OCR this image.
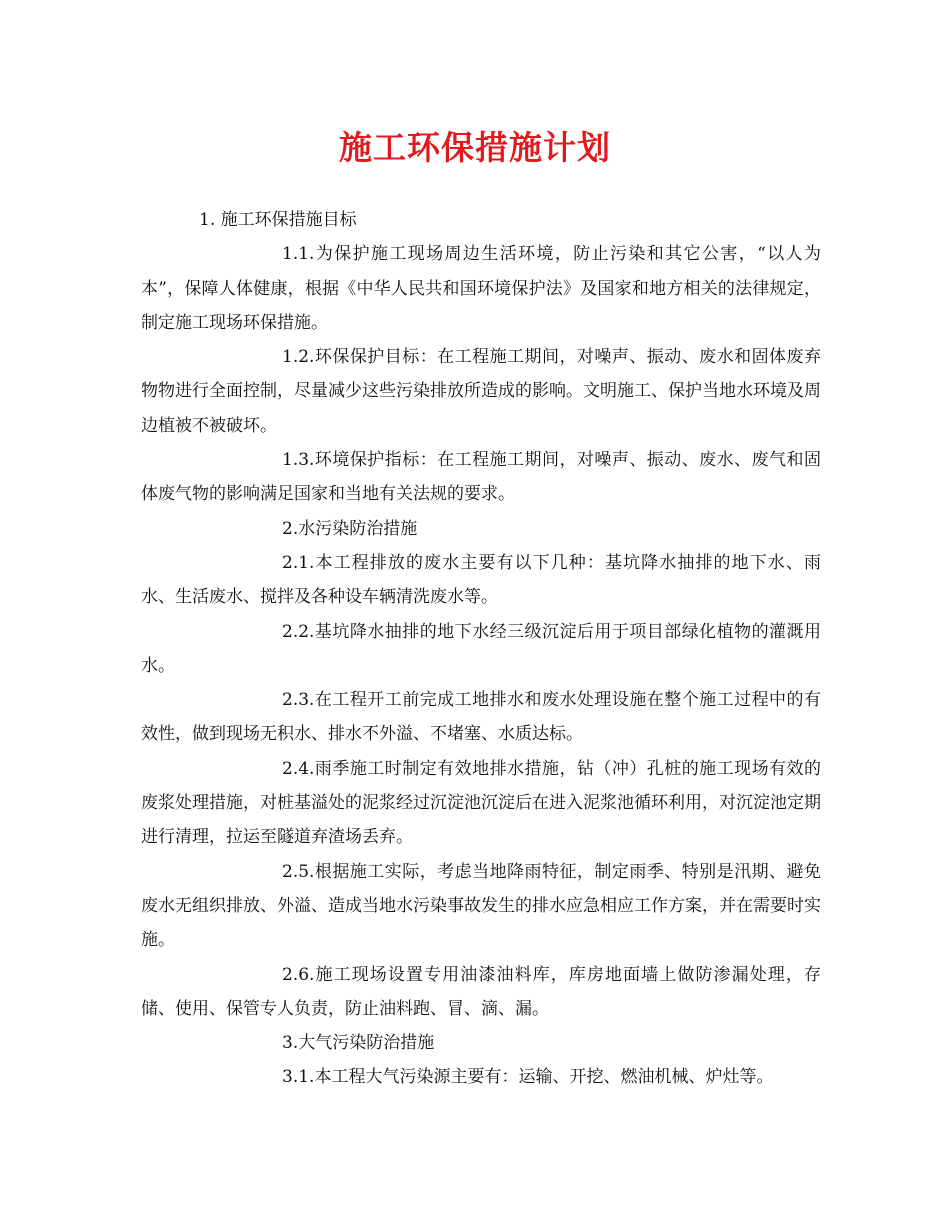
施工环保措施计划

1. 施工环保措施目标

1.1.为保护施工现场周边生活环境，防止污染和其它公害，“以人为本”，保障人体健康，根据《中华人民共和国环境保护法》及国家和地方相关的法律规定，制定施工现场环保措施。

1.2.环保保护目标：在工程施工期间，对噪声、振动、废水和固体废弃物物进行全面控制，尽量减少这些污染排放所造成的影响。文明施工、保护当地水环境及周边植被不被破坏。

1.3.环境保护指标：在工程施工期间，对噪声、振动、废水、废气和固体废气物的影响满足国家和当地有关法规的要求。

2.水污染防治措施

2.1.本工程排放的废水主要有以下几种：基坑降水抽排的地下水、雨水、生活废水、搅拌及各种设车辆清洗废水等。

2.2.基坑降水抽排的地下水经三级沉淀后用于项目部绿化植物的灌溉用水。

2.3.在工程开工前完成工地排水和废水处理设施在整个施工过程中的有效性，做到现场无积水、排水不外溢、不堵塞、水质达标。

2.4.雨季施工时制定有效地排水措施，钻（冲）孔桩的施工现场有效的废浆处理措施，对桩基溢处的泥浆经过沉淀池沉淀后在进入泥浆池循环利用，对沉淀池定期进行清理，拉运至隧道弃渣场丢弃。

2.5.根据施工实际，考虑当地降雨特征，制定雨季、特别是汛期、避免废水无组织排放、外溢、造成当地水污染事故发生的排水应急相应工作方案，并在需要时实施。

2.6.施工现场设置专用油漆油料库，库房地面墙上做防渗漏处理，存储、使用、保管专人负责，防止油料跑、冒、滴、漏。

3.大气污染防治措施

3.1.本工程大气污染源主要有：运输、开挖、燃油机械、炉灶等。
